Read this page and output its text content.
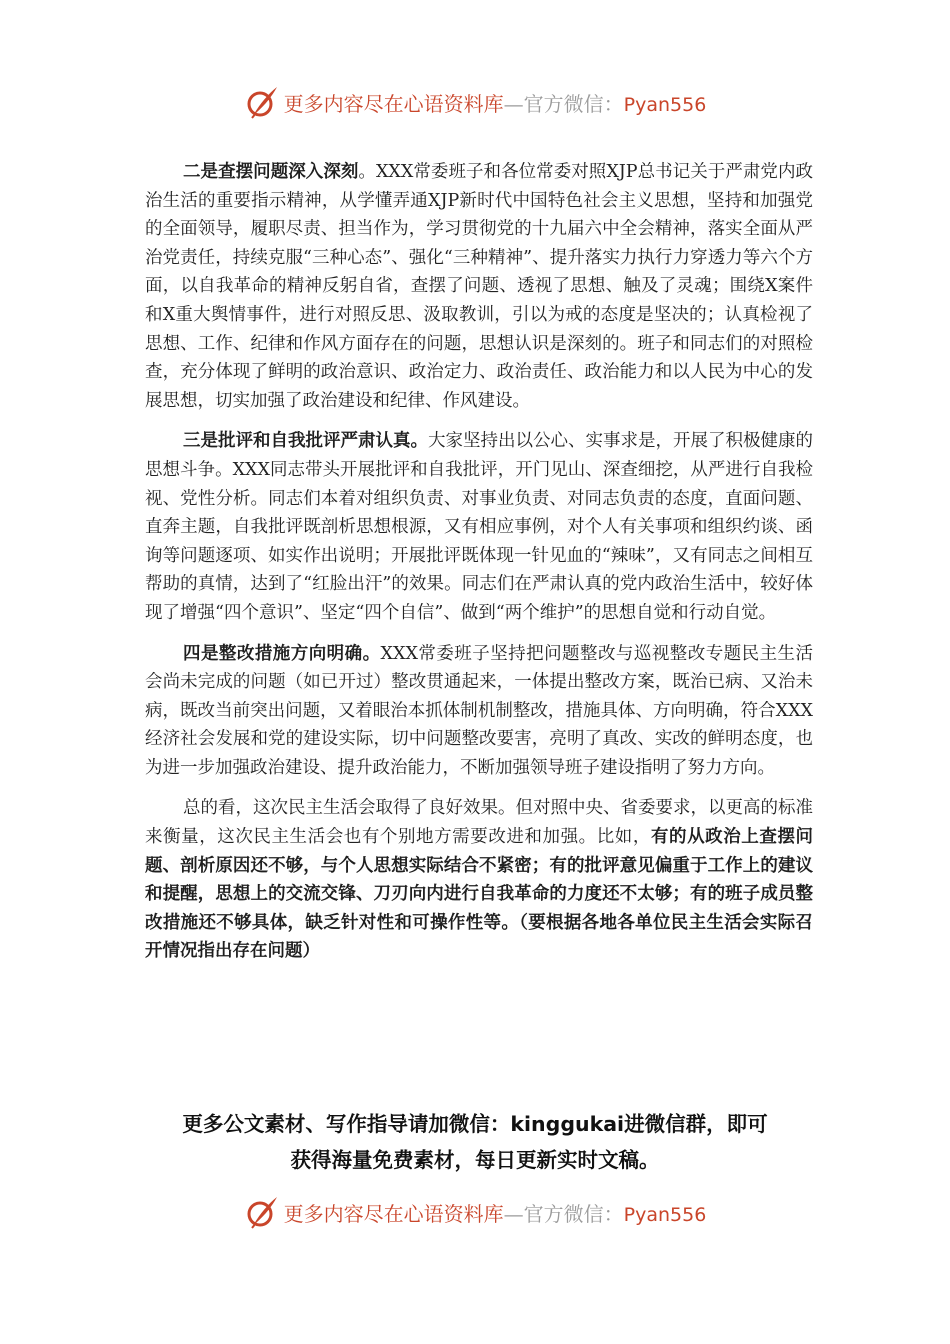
更多内容尽在心语资料库—官方微信：Pyan556

二是查摆问题深入深刻。XXX常委班子和各位常委对照XJP总书记关于严肃党内政治生活的重要指示精神，从学懂弄通XJP新时代中国特色社会主义思想，坚持和加强党的全面领导，履职尽责、担当作为，学习贯彻党的十九届六中全会精神，落实全面从严治党责任，持续克服“三种心态”、强化“三种精神”、提升落实力执行力穿透力等六个方面，以自我革命的精神反躬自省，查摆了问题、透视了思想、触及了灵魂；围绕X案件和X重大舆情事件，进行对照反思、汲取教训，引以为戒的态度是坚决的；认真检视了思想、工作、纪律和作风方面存在的问题，思想认识是深刻的。班子和同志们的对照检查，充分体现了鲜明的政治意识、政治定力、政治责任、政治能力和以人民为中心的发展思想，切实加强了政治建设和纪律、作风建设。

三是批评和自我批评严肃认真。大家坚持出以公心、实事求是，开展了积极健康的思想斗争。XXX同志带头开展批评和自我批评，开门见山、深查细挖，从严进行自我检视、党性分析。同志们本着对组织负责、对事业负责、对同志负责的态度，直面问题、直奔主题，自我批评既剖析思想根源，又有相应事例，对个人有关事项和组织约谈、函询等问题逐项、如实作出说明；开展批评既体现一针见血的“辣味”，又有同志之间相互帮助的真情，达到了“红脸出汗”的效果。同志们在严肃认真的党内政治生活中，较好体现了增强“四个意识”、坚定“四个自信”、做到“两个维护”的思想自觉和行动自觉。

四是整改措施方向明确。XXX常委班子坚持把问题整改与巡视整改专题民主生活会尚未完成的问题（如已开过）整改贯通起来，一体提出整改方案，既治已病、又治未病，既改当前突出问题，又着眼治本抓体制机制整改，措施具体、方向明确，符合XXX经济社会发展和党的建设实际，切中问题整改要害，亮明了真改、实改的鲜明态度，也为进一步加强政治建设、提升政治能力，不断加强领导班子建设指明了努力方向。

总的看，这次民主生活会取得了良好效果。但对照中央、省委要求，以更高的标准来衡量，这次民主生活会也有个别地方需要改进和加强。比如，有的从政治上查摆问题、剖析原因还不够，与个人思想实际结合不紧密；有的批评意见偏重于工作上的建议和提醒，思想上的交流交锋、刀刃向内进行自我革命的力度还不太够；有的班子成员整改措施还不够具体，缺乏针对性和可操作性等。（要根据各地各单位民主生活会实际召开情况指出存在问题）

更多公文素材、写作指导请加微信：kinggukai进微信群，即可
获得海量免费素材，每日更新实时文稿。
更多内容尽在心语资料库—官方微信：Pyan556
